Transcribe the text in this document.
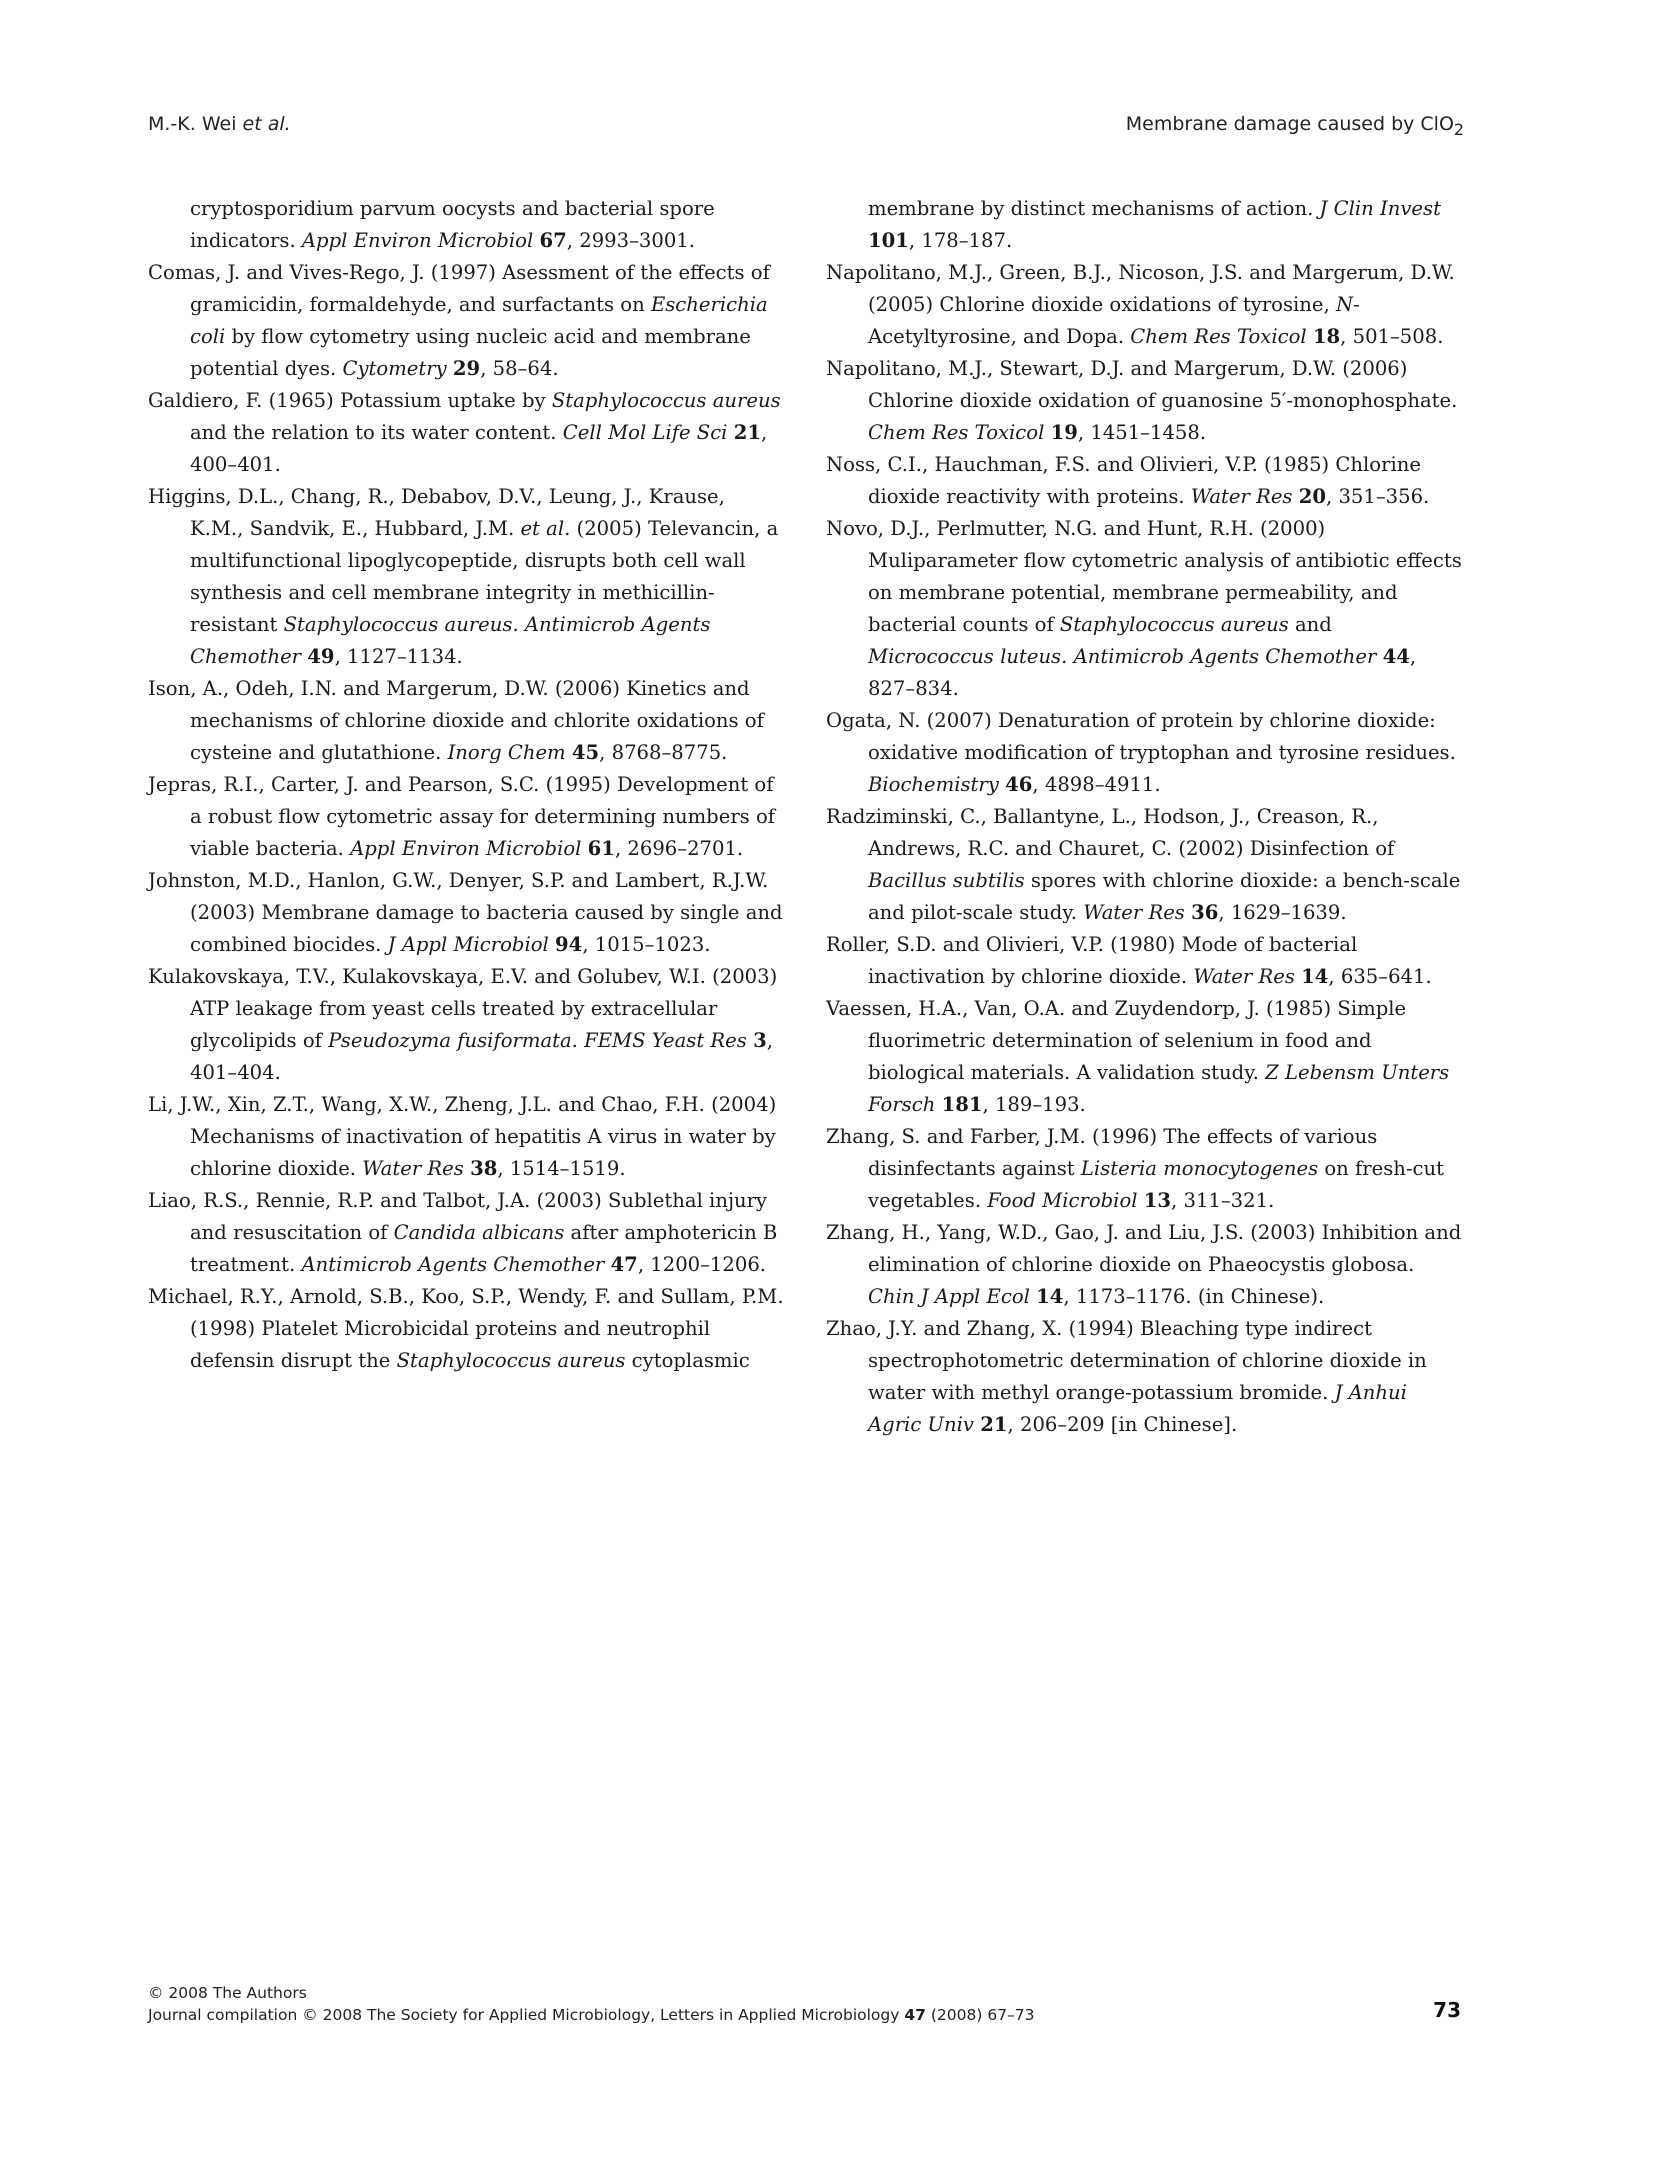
M.-K. Wei et al.	Membrane damage caused by ClO$_2$

cryptosporidium parvum oocysts and bacterial spore indicators. Appl Environ Microbiol 67, 2993–3001.

Comas, J. and Vives-Rego, J. (1997) Asessment of the effects of gramicidin, formaldehyde, and surfactants on Escherichia coli by flow cytometry using nucleic acid and membrane potential dyes. Cytometry 29, 58–64.

Galdiero, F. (1965) Potassium uptake by Staphylococcus aureus and the relation to its water content. Cell Mol Life Sci 21, 400–401.

Higgins, D.L., Chang, R., Debabov, D.V., Leung, J., Krause, K.M., Sandvik, E., Hubbard, J.M. et al. (2005) Televancin, a multifunctional lipoglycopeptide, disrupts both cell wall synthesis and cell membrane integrity in methicillin-resistant Staphylococcus aureus. Antimicrob Agents Chemother 49, 1127–1134.

Ison, A., Odeh, I.N. and Margerum, D.W. (2006) Kinetics and mechanisms of chlorine dioxide and chlorite oxidations of cysteine and glutathione. Inorg Chem 45, 8768–8775.

Jepras, R.I., Carter, J. and Pearson, S.C. (1995) Development of a robust flow cytometric assay for determining numbers of viable bacteria. Appl Environ Microbiol 61, 2696–2701.

Johnston, M.D., Hanlon, G.W., Denyer, S.P. and Lambert, R.J.W. (2003) Membrane damage to bacteria caused by single and combined biocides. J Appl Microbiol 94, 1015–1023.

Kulakovskaya, T.V., Kulakovskaya, E.V. and Golubev, W.I. (2003) ATP leakage from yeast cells treated by extracellular glycolipids of Pseudozyma fusiformata. FEMS Yeast Res 3, 401–404.

Li, J.W., Xin, Z.T., Wang, X.W., Zheng, J.L. and Chao, F.H. (2004) Mechanisms of inactivation of hepatitis A virus in water by chlorine dioxide. Water Res 38, 1514–1519.

Liao, R.S., Rennie, R.P. and Talbot, J.A. (2003) Sublethal injury and resuscitation of Candida albicans after amphotericin B treatment. Antimicrob Agents Chemother 47, 1200–1206.

Michael, R.Y., Arnold, S.B., Koo, S.P., Wendy, F. and Sullam, P.M. (1998) Platelet Microbicidal proteins and neutrophil defensin disrupt the Staphylococcus aureus cytoplasmic

membrane by distinct mechanisms of action. J Clin Invest 101, 178–187.

Napolitano, M.J., Green, B.J., Nicoson, J.S. and Margerum, D.W. (2005) Chlorine dioxide oxidations of tyrosine, N-Acetyltyrosine, and Dopa. Chem Res Toxicol 18, 501–508.

Napolitano, M.J., Stewart, D.J. and Margerum, D.W. (2006) Chlorine dioxide oxidation of guanosine 5′-monophosphate. Chem Res Toxicol 19, 1451–1458.

Noss, C.I., Hauchman, F.S. and Olivieri, V.P. (1985) Chlorine dioxide reactivity with proteins. Water Res 20, 351–356.

Novo, D.J., Perlmutter, N.G. and Hunt, R.H. (2000) Muliparameter flow cytometric analysis of antibiotic effects on membrane potential, membrane permeability, and bacterial counts of Staphylococcus aureus and Micrococcus luteus. Antimicrob Agents Chemother 44, 827–834.

Ogata, N. (2007) Denaturation of protein by chlorine dioxide: oxidative modification of tryptophan and tyrosine residues. Biochemistry 46, 4898–4911.

Radziminski, C., Ballantyne, L., Hodson, J., Creason, R., Andrews, R.C. and Chauret, C. (2002) Disinfection of Bacillus subtilis spores with chlorine dioxide: a bench-scale and pilot-scale study. Water Res 36, 1629–1639.

Roller, S.D. and Olivieri, V.P. (1980) Mode of bacterial inactivation by chlorine dioxide. Water Res 14, 635–641.

Vaessen, H.A., Van, O.A. and Zuydendorp, J. (1985) Simple fluorimetric determination of selenium in food and biological materials. A validation study. Z Lebensm Unters Forsch 181, 189–193.

Zhang, S. and Farber, J.M. (1996) The effects of various disinfectants against Listeria monocytogenes on fresh-cut vegetables. Food Microbiol 13, 311–321.

Zhang, H., Yang, W.D., Gao, J. and Liu, J.S. (2003) Inhibition and elimination of chlorine dioxide on Phaeocystis globosa. Chin J Appl Ecol 14, 1173–1176. (in Chinese).

Zhao, J.Y. and Zhang, X. (1994) Bleaching type indirect spectrophotometric determination of chlorine dioxide in water with methyl orange-potassium bromide. J Anhui Agric Univ 21, 206–209 [in Chinese].

© 2008 The Authors
Journal compilation © 2008 The Society for Applied Microbiology, Letters in Applied Microbiology 47 (2008) 67–73	73
